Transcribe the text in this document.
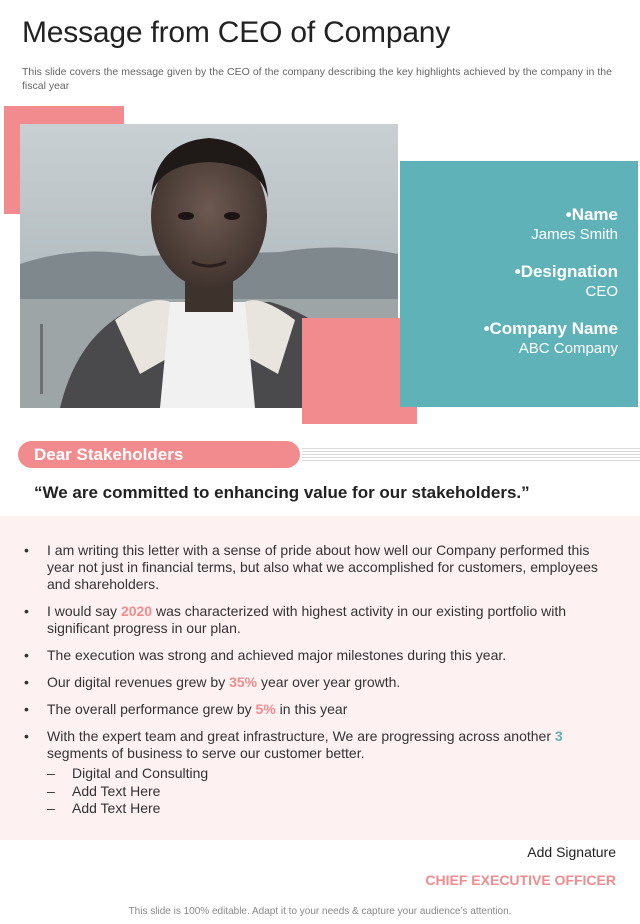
Message from CEO of Company
This slide covers the message given by the CEO of the company describing the key highlights achieved by the company in the fiscal year
•Name
James Smith
•Designation
CEO
•Company Name
ABC Company
Dear Stakeholders
“We are committed to enhancing value for our stakeholders.”
• I am writing this letter with a sense of pride about how well our Company performed this year not just in financial terms, but also what we accomplished for customers, employees and shareholders.
• I would say 2020 was characterized with highest activity in our existing portfolio with significant progress in our plan.
• The execution was strong and achieved major milestones during this year.
• Our digital revenues grew by 35% year over year growth.
• The overall performance grew by 5% in this year
• With the expert team and great infrastructure, We are progressing across another 3 segments of business to serve our customer better.
– Digital and Consulting
– Add Text Here
– Add Text Here
Add Signature
CHIEF EXECUTIVE OFFICER
This slide is 100% editable. Adapt it to your needs & capture your audience’s attention.
